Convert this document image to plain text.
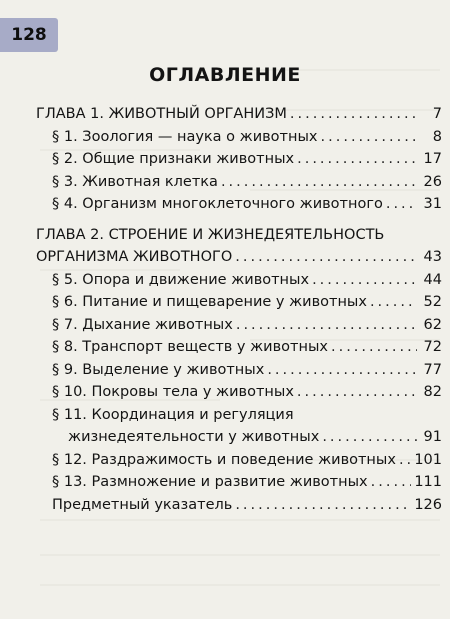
128
ОГЛАВЛЕНИЕ
ГЛАВА 1. ЖИВОТНЫЙ ОРГАНИЗМ .....	7
§ 1. Зоология — наука о животных .....	8
§ 2. Общие признаки животных .....	17
§ 3. Животная клетка .....	26
§ 4. Организм многоклеточного животного .....	31
ГЛАВА 2. СТРОЕНИЕ И ЖИЗНЕДЕЯТЕЛЬНОСТЬ
ОРГАНИЗМА ЖИВОТНОГО .....	43
§ 5. Опора и движение животных .....	44
§ 6. Питание и пищеварение у животных .....	52
§ 7. Дыхание животных .....	62
§ 8. Транспорт веществ у животных .....	72
§ 9. Выделение у животных .....	77
§ 10. Покровы тела у животных .....	82
§ 11. Координация и регуляция
жизнедеятельности у животных .....	91
§ 12. Раздражимость и поведение животных ..... 101
§ 13. Размножение и развитие животных .....	111
Предметный указатель .....	126
